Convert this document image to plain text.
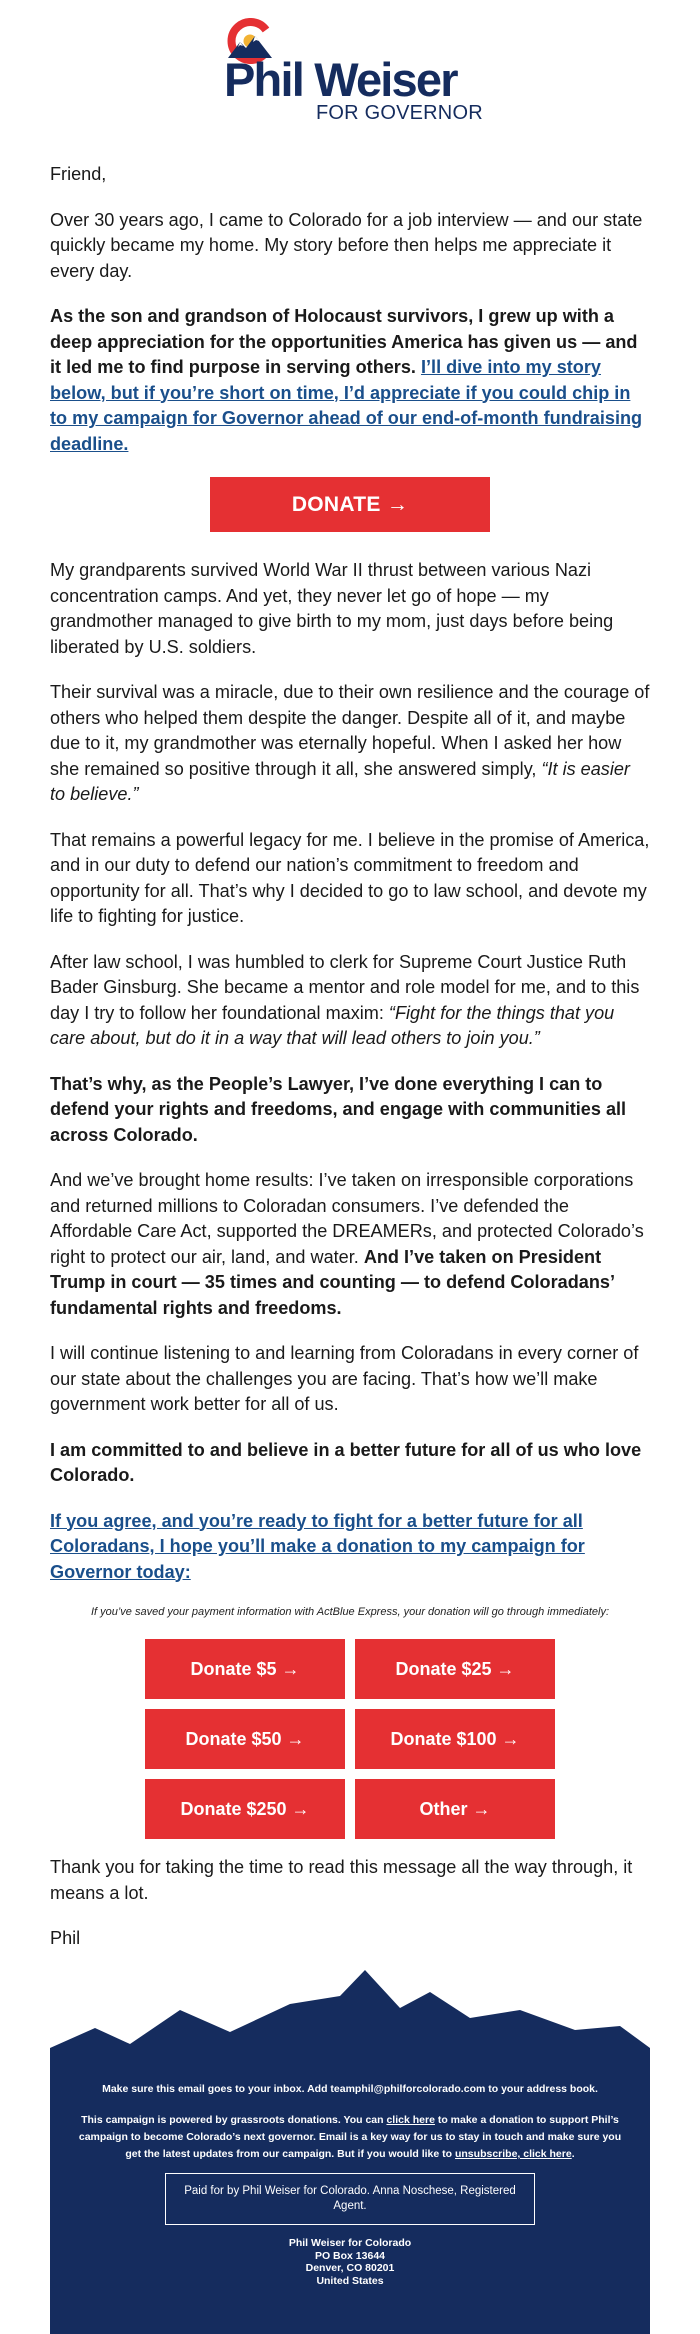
Phil Weiser
FOR GOVERNOR

Friend,

Over 30 years ago, I came to Colorado for a job interview — and our state quickly became my home. My story before then helps me appreciate it every day.

As the son and grandson of Holocaust survivors, I grew up with a deep appreciation for the opportunities America has given us — and it led me to find purpose in serving others. I’ll dive into my story below, but if you’re short on time, I’d appreciate if you could chip in to my campaign for Governor ahead of our end-of-month fundraising deadline.

DONATE →

My grandparents survived World War II thrust between various Nazi concentration camps. And yet, they never let go of hope — my grandmother managed to give birth to my mom, just days before being liberated by U.S. soldiers.

Their survival was a miracle, due to their own resilience and the courage of others who helped them despite the danger. Despite all of it, and maybe due to it, my grandmother was eternally hopeful. When I asked her how she remained so positive through it all, she answered simply, “It is easier to believe.”

That remains a powerful legacy for me. I believe in the promise of America, and in our duty to defend our nation’s commitment to freedom and opportunity for all. That’s why I decided to go to law school, and devote my life to fighting for justice.

After law school, I was humbled to clerk for Supreme Court Justice Ruth Bader Ginsburg. She became a mentor and role model for me, and to this day I try to follow her foundational maxim: “Fight for the things that you care about, but do it in a way that will lead others to join you.”

That’s why, as the People’s Lawyer, I’ve done everything I can to defend your rights and freedoms, and engage with communities all across Colorado.

And we’ve brought home results: I’ve taken on irresponsible corporations and returned millions to Coloradan consumers. I’ve defended the Affordable Care Act, supported the DREAMERs, and protected Colorado’s right to protect our air, land, and water. And I’ve taken on President Trump in court — 35 times and counting — to defend Coloradans’ fundamental rights and freedoms.

I will continue listening to and learning from Coloradans in every corner of our state about the challenges you are facing. That’s how we’ll make government work better for all of us.

I am committed to and believe in a better future for all of us who love Colorado.

If you agree, and you’re ready to fight for a better future for all Coloradans, I hope you’ll make a donation to my campaign for Governor today:

If you’ve saved your payment information with ActBlue Express, your donation will go through immediately:
Donate $5 →	Donate $25 →
Donate $50 →	Donate $100 →
Donate $250 →	Other →

Thank you for taking the time to read this message all the way through, it means a lot.

Phil

Make sure this email goes to your inbox. Add teamphil@philforcolorado.com to your address book.
This campaign is powered by grassroots donations. You can click here to make a donation to support Phil’s campaign to become Colorado’s next governor. Email is a key way for us to stay in touch and make sure you get the latest updates from our campaign. But if you would like to unsubscribe, click here.
Paid for by Phil Weiser for Colorado. Anna Noschese, Registered Agent.
Phil Weiser for Colorado
PO Box 13644
Denver, CO 80201
United States
